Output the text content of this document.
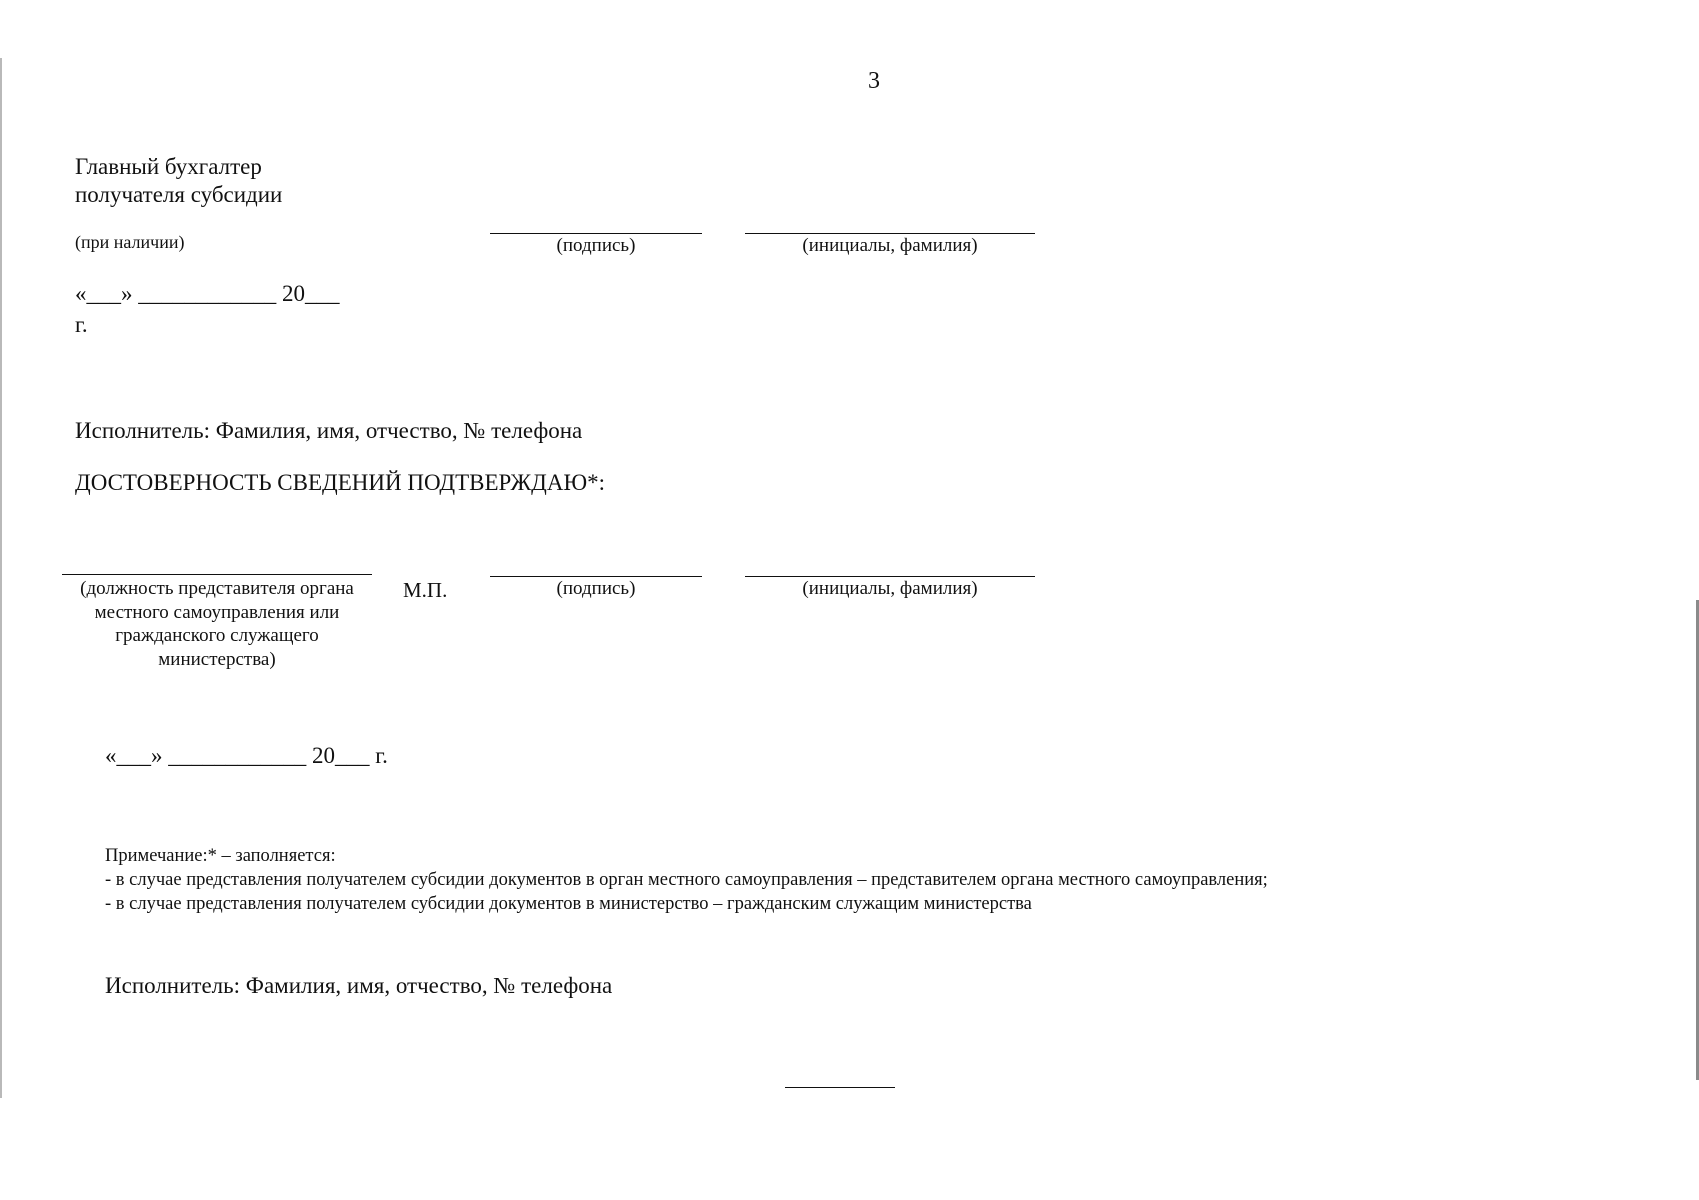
3
Главный бухгалтер
получателя субсидии
(при наличии)	(подпись)	(инициалы, фамилия)
«___» ____________ 20___
г.
Исполнитель: Фамилия, имя, отчество, № телефона
ДОСТОВЕРНОСТЬ СВЕДЕНИЙ ПОДТВЕРЖДАЮ*:
(должность представителя органа местного самоуправления или гражданского служащего министерства)
М.П.	(подпись)	(инициалы, фамилия)
«___» ____________ 20___ г.
Примечание:* – заполняется:
- в случае представления получателем субсидии документов в орган местного самоуправления – представителем органа местного самоуправления;
- в случае представления получателем субсидии документов в министерство – гражданским служащим министерства
Исполнитель: Фамилия, имя, отчество, № телефона
